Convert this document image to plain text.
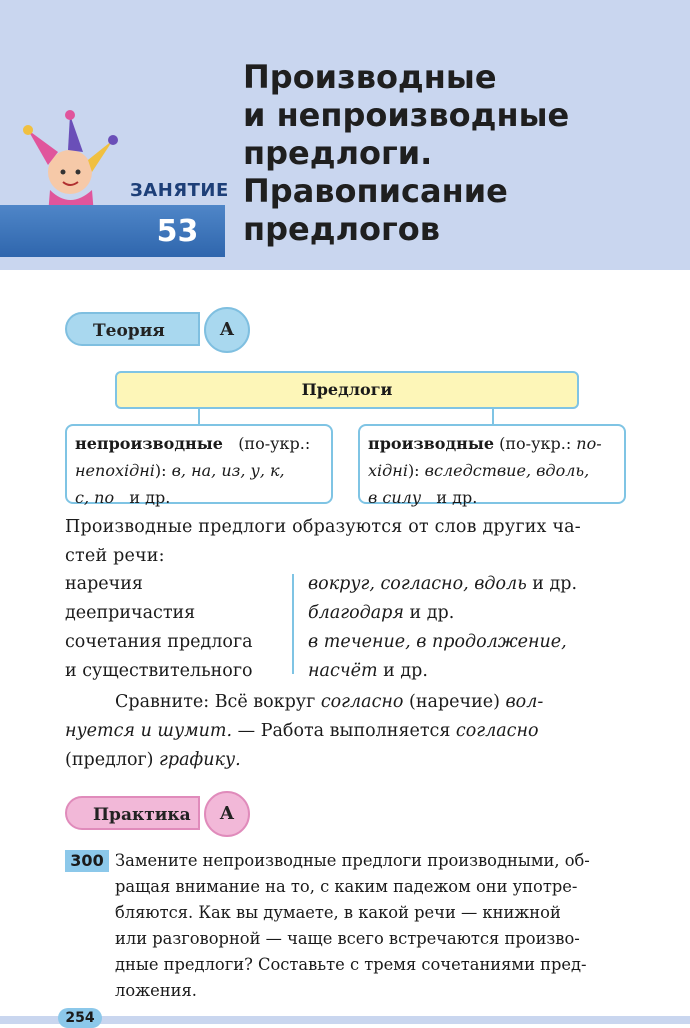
ЗАНЯТИЕ
53
Производные
и непроизводные
предлоги.
Правописание
предлогов
Теория	А
Предлоги
непроизводные (по-укр.:
непохідні): в, на, из, у, к,
с, по и др.
производные (по-укр.: по-
хідні): вследствие, вдоль,
в силу и др.
Производные предлоги образуются от слов других ча-
стей речи:
наречия
деепричастия
сочетания предлога
и существительного
вокруг, согласно, вдоль и др.
благодаря и др.
в течение, в продолжение,
насчёт и др.
Сравните: Всё вокруг согласно (наречие) вол-
нуется и шумит. — Работа выполняется согласно
(предлог) графику.
Практика	А
300 Замените непроизводные предлоги производными, об-
ращая внимание на то, с каким падежом они употре-
бляются. Как вы думаете, в какой речи — книжной
или разговорной — чаще всего встречаются произво-
дные предлоги? Составьте с тремя сочетаниями пред-
ложения.
254
